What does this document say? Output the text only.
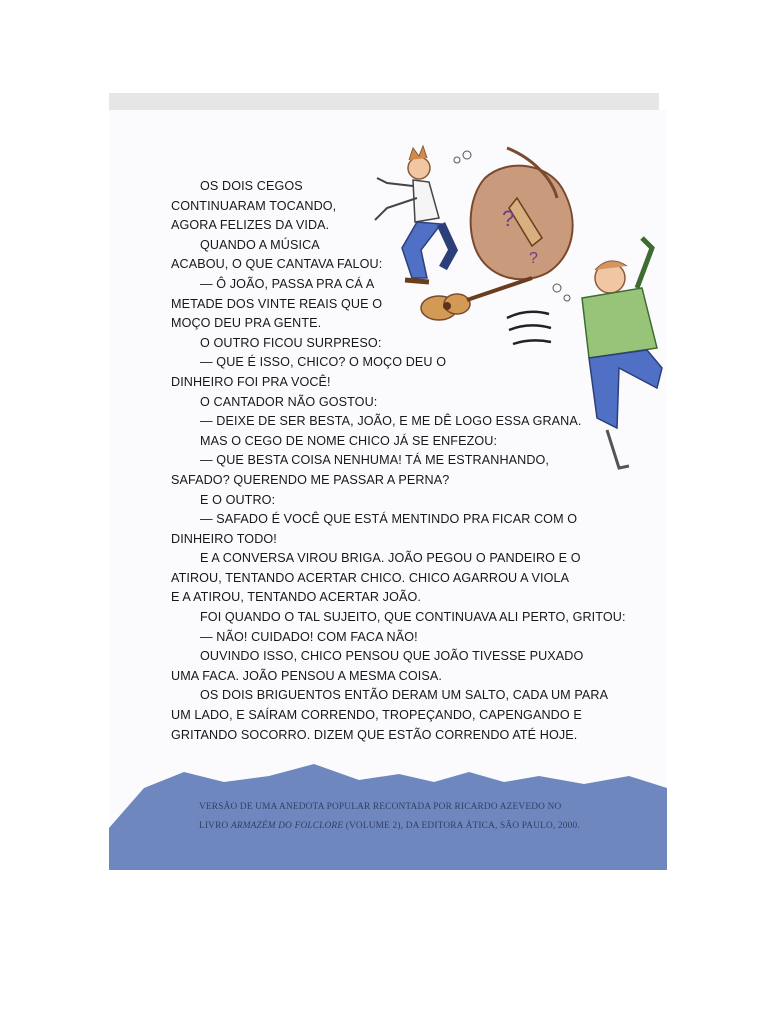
?
?
OS DOIS CEGOS
CONTINUARAM TOCANDO,
AGORA FELIZES DA VIDA.
QUANDO A MÚSICA
ACABOU, O QUE CANTAVA FALOU:
— Ô JOÃO, PASSA PRA CÁ A
METADE DOS VINTE REAIS QUE O
MOÇO DEU PRA GENTE.
O OUTRO FICOU SURPRESO:
— QUE É ISSO, CHICO? O MOÇO DEU O
DINHEIRO FOI PRA VOCÊ!
O CANTADOR NÃO GOSTOU:
— DEIXE DE SER BESTA, JOÃO, E ME DÊ LOGO ESSA GRANA.
MAS O CEGO DE NOME CHICO JÁ SE ENFEZOU:
— QUE BESTA COISA NENHUMA! TÁ ME ESTRANHANDO,
SAFADO? QUERENDO ME PASSAR A PERNA?
E O OUTRO:
— SAFADO É VOCÊ QUE ESTÁ MENTINDO PRA FICAR COM O
DINHEIRO TODO!
E A CONVERSA VIROU BRIGA. JOÃO PEGOU O PANDEIRO E O
ATIROU, TENTANDO ACERTAR CHICO. CHICO AGARROU A VIOLA
E A ATIROU, TENTANDO ACERTAR JOÃO.
FOI QUANDO O TAL SUJEITO, QUE CONTINUAVA ALI PERTO, GRITOU:
— NÃO! CUIDADO! COM FACA NÃO!
OUVINDO ISSO, CHICO PENSOU QUE JOÃO TIVESSE PUXADO
UMA FACA. JOÃO PENSOU A MESMA COISA.
OS DOIS BRIGUENTOS ENTÃO DERAM UM SALTO, CADA UM PARA
UM LADO, E SAÍRAM CORRENDO, TROPEÇANDO, CAPENGANDO E
GRITANDO SOCORRO. DIZEM QUE ESTÃO CORRENDO ATÉ HOJE.
VERSÃO DE UMA ANEDOTA POPULAR RECONTADA POR RICARDO AZEVEDO NO
LIVRO ARMAZÉM DO FOLCLORE (VOLUME 2), DA EDITORA ÁTICA, SÃO PAULO, 2000.
